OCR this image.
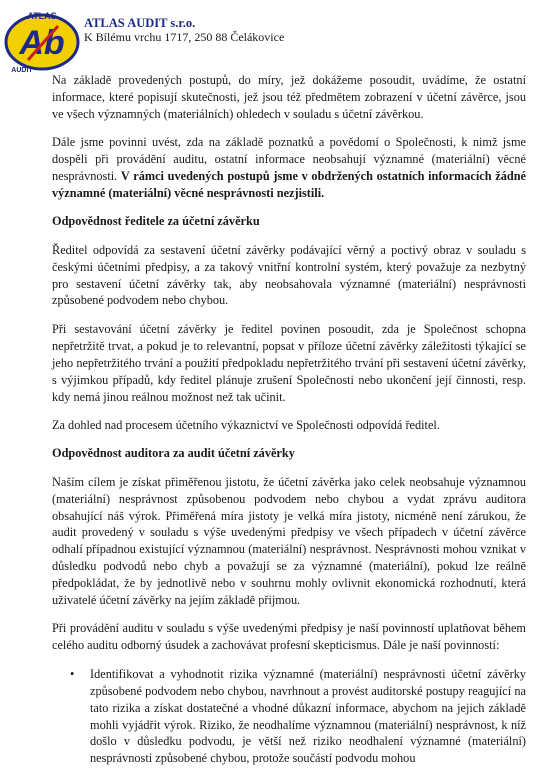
ATLAS
Ab
AUDIT
ATLAS AUDIT s.r.o.
K Bílému vrchu 1717, 250 88 Čelákovice

Na základě provedených postupů, do míry, jež dokážeme posoudit, uvádíme, že ostatní informace, které popisují skutečnosti, jež jsou též předmětem zobrazení v účetní závěrce, jsou ve všech významných (materiálních) ohledech v souladu s účetní závěrkou.

Dále jsme povinni uvést, zda na základě poznatků a povědomí o Společnosti, k nimž jsme dospěli při provádění auditu, ostatní informace neobsahují významné (materiální) věcné nesprávnosti. V rámci uvedených postupů jsme v obdržených ostatních informacích žádné významné (materiální) věcné nesprávnosti nezjistili.

Odpovědnost ředitele za účetní závěrku

Ředitel odpovídá za sestavení účetní závěrky podávající věrný a poctivý obraz v souladu s českými účetními předpisy, a za takový vnitřní kontrolní systém, který považuje za nezbytný pro sestavení účetní závěrky tak, aby neobsahovala významné (materiální) nesprávnosti způsobené podvodem nebo chybou.

Při sestavování účetní závěrky je ředitel povinen posoudit, zda je Společnost schopna nepřetržitě trvat, a pokud je to relevantní, popsat v příloze účetní závěrky záležitosti týkající se jeho nepřetržitého trvání a použití předpokladu nepřetržitého trvání při sestavení účetní závěrky, s výjimkou případů, kdy ředitel plánuje zrušení Společnosti nebo ukončení její činnosti, resp. kdy nemá jinou reálnou možnost než tak učinit.

Za dohled nad procesem účetního výkaznictví ve Společnosti odpovídá ředitel.

Odpovědnost auditora za audit účetní závěrky

Naším cílem je získat přiměřenou jistotu, že účetní závěrka jako celek neobsahuje významnou (materiální) nesprávnost způsobenou podvodem nebo chybou a vydat zprávu auditora obsahující náš výrok. Přiměřená míra jistoty je velká míra jistoty, nicméně není zárukou, že audit provedený v souladu s výše uvedenými předpisy ve všech případech v účetní závěrce odhalí případnou existující významnou (materiální) nesprávnost. Nesprávnosti mohou vznikat v důsledku podvodů nebo chyb a považují se za významné (materiální), pokud lze reálně předpokládat, že by jednotlivě nebo v souhrnu mohly ovlivnit ekonomická rozhodnutí, která uživatelé účetní závěrky na jejím základě přijmou.

Při provádění auditu v souladu s výše uvedenými předpisy je naší povinností uplatňovat během celého auditu odborný úsudek a zachovávat profesní skepticismus. Dále je naší povinností:

• Identifikovat a vyhodnotit rizika významné (materiální) nesprávnosti účetní závěrky způsobené podvodem nebo chybou, navrhnout a provést auditorské postupy reagující na tato rizika a získat dostatečné a vhodné důkazní informace, abychom na jejich základě mohli vyjádřit výrok. Riziko, že neodhalíme významnou (materiální) nesprávnost, k níž došlo v důsledku podvodu, je větší než riziko neodhalení významné (materiální) nesprávnosti způsobené chybou, protože součástí podvodu mohou
